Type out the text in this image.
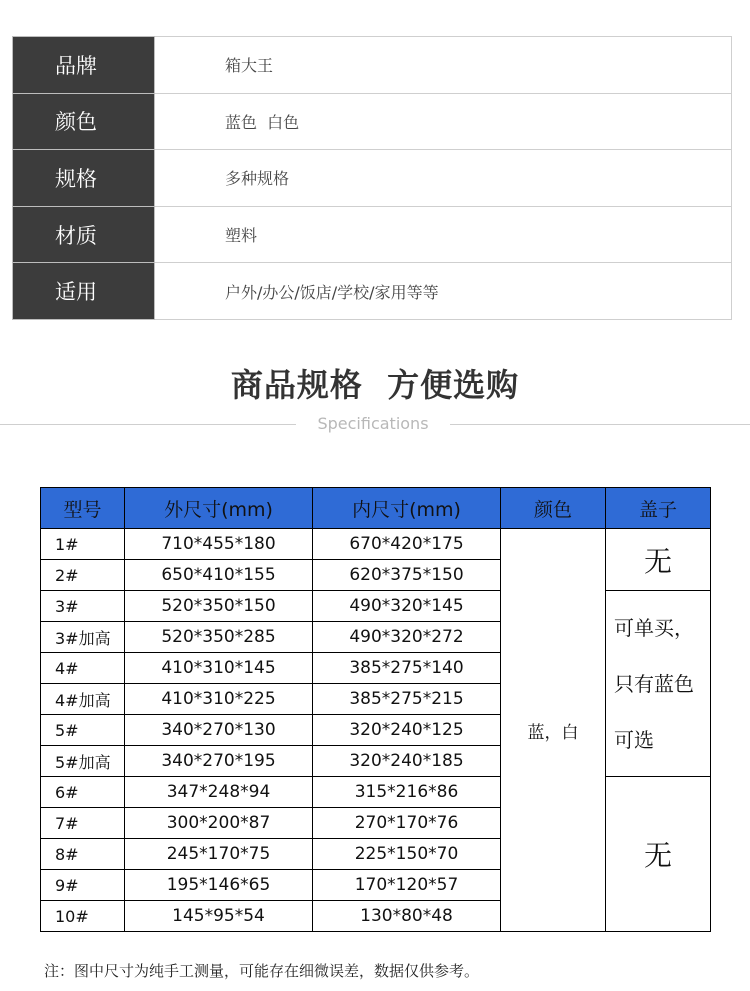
品牌	箱大王
颜色	蓝色  白色
规格	多种规格
材质	塑料
适用	户外/办公/饭店/学校/家用等等
商品规格  方便选购
Specifications
型号	外尺寸(mm)	内尺寸(mm)	颜色	盖子
1#	710*455*180	670*420*175	蓝，白	无
2#	650*410*155	620*375*150		
3#	520*350*150	490*320*145		可单买，
只有蓝色
可选

3#加高	520*350*285	490*320*272		
4#	410*310*145	385*275*140		
4#加高	410*310*225	385*275*215		
5#	340*270*130	320*240*125		
5#加高	340*270*195	320*240*185		
6#	347*248*94	315*216*86		无
7#	300*200*87	270*170*76		
8#	245*170*75	225*150*70		
9#	195*146*65	170*120*57		
10#	145*95*54	130*80*48		
注：图中尺寸为纯手工测量，可能存在细微误差，数据仅供参考。
